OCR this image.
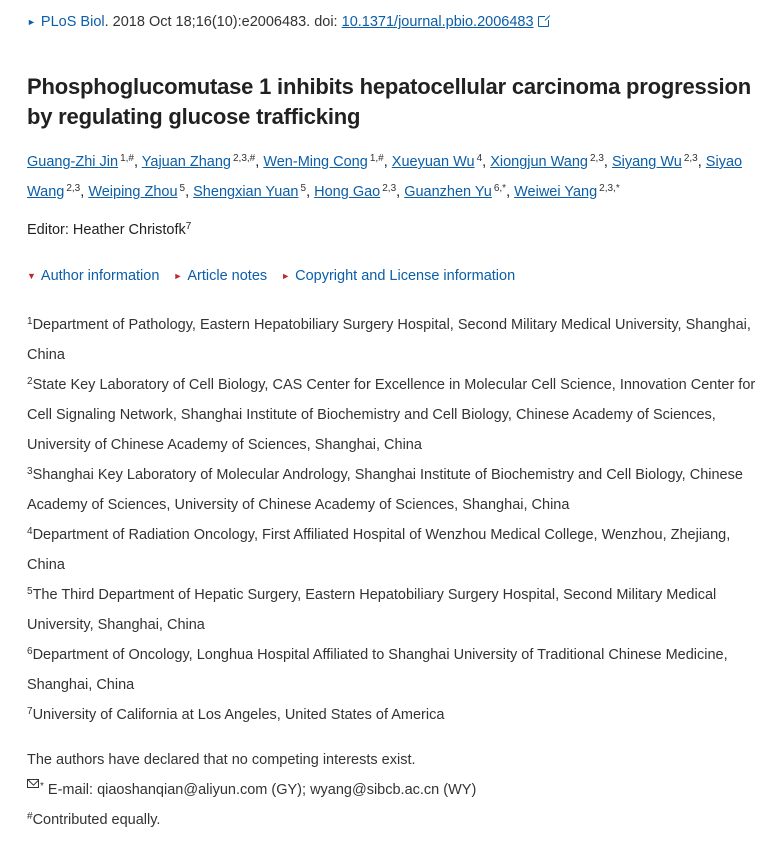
► PLoS Biol. 2018 Oct 18;16(10):e2006483. doi: 10.1371/journal.pbio.2006483
Phosphoglucomutase 1 inhibits hepatocellular carcinoma progression by regulating glucose trafficking
Guang-Zhi Jin $^{1,\#}$, Yajuan Zhang $^{2,3,\#}$, Wen-Ming Cong $^{1,\#}$, Xueyuan Wu $^4$, Xiongjun Wang $^{2,3}$, Siyang Wu $^{2,3}$, Siyao Wang $^{2,3}$, Weiping Zhou $^5$, Shengxian Yuan $^5$, Hong Gao $^{2,3}$, Guanzhen Yu $^{6,*}$, Weiwei Yang $^{2,3,*}$
Editor: Heather Christofk$^7$
▼ Author information ► Article notes ► Copyright and License information

$^1$Department of Pathology, Eastern Hepatobiliary Surgery Hospital, Second Military Medical University, Shanghai, China

$^2$State Key Laboratory of Cell Biology, CAS Center for Excellence in Molecular Cell Science, Innovation Center for Cell Signaling Network, Shanghai Institute of Biochemistry and Cell Biology, Chinese Academy of Sciences, University of Chinese Academy of Sciences, Shanghai, China

$^3$Shanghai Key Laboratory of Molecular Andrology, Shanghai Institute of Biochemistry and Cell Biology, Chinese Academy of Sciences, University of Chinese Academy of Sciences, Shanghai, China

$^4$Department of Radiation Oncology, First Affiliated Hospital of Wenzhou Medical College, Wenzhou, Zhejiang, China

$^5$The Third Department of Hepatic Surgery, Eastern Hepatobiliary Surgery Hospital, Second Military Medical University, Shanghai, China

$^6$Department of Oncology, Longhua Hospital Affiliated to Shanghai University of Traditional Chinese Medicine, Shanghai, China

$^7$University of California at Los Angeles, United States of America

The authors have declared that no competing interests exist.

* E-mail: qiaoshanqian@aliyun.com (GY); wyang@sibcb.ac.cn (WY)

#Contributed equally.
